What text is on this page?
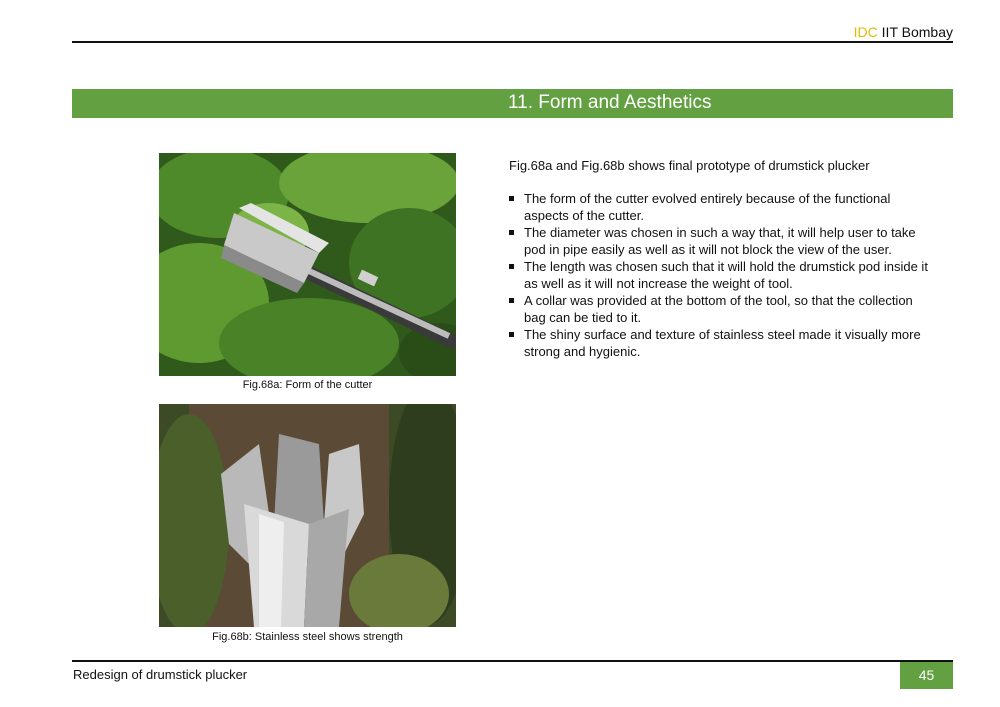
IDC IIT Bombay
11. Form and Aesthetics
Fig.68a: Form of the cutter
Fig.68b: Stainless steel shows strength
Fig.68a and Fig.68b shows final prototype of drumstick plucker
The form of the cutter evolved entirely because of the functional aspects of the cutter.
The diameter was chosen in such a way that, it will help user to take pod in pipe easily as well as it will not block the view of the user.
The length was chosen such that it will hold the drumstick pod inside it as well as it will not increase the weight of tool.
A collar was provided at the bottom of the tool, so that the collection bag can be tied to it.
The shiny surface and texture of stainless steel made it visually more strong and hygienic.
Redesign of drumstick plucker	45
